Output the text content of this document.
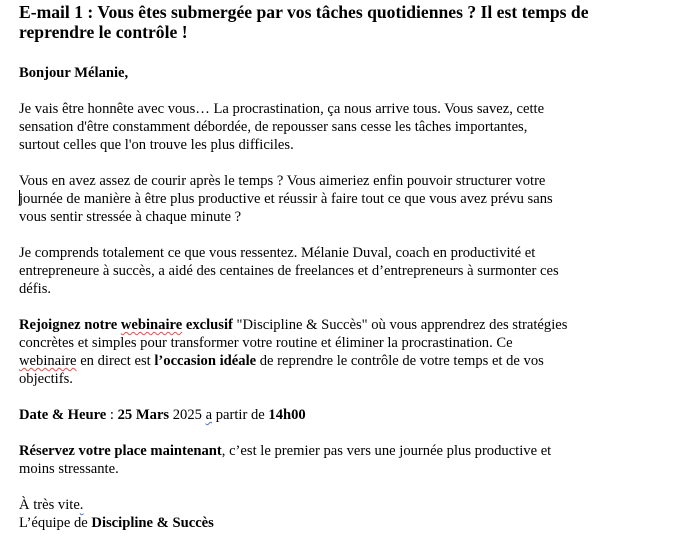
E-mail 1 : Vous êtes submergée par vos tâches quotidiennes ? Il est temps de
reprendre le contrôle !
Bonjour Mélanie,
Je vais être honnête avec vous… La procrastination, ça nous arrive tous. Vous savez, cette
sensation d'être constamment débordée, de repousser sans cesse les tâches importantes,
surtout celles que l'on trouve les plus difficiles.
Vous en avez assez de courir après le temps ? Vous aimeriez enfin pouvoir structurer votre
journée de manière à être plus productive et réussir à faire tout ce que vous avez prévu sans
vous sentir stressée à chaque minute ?
Je comprends totalement ce que vous ressentez. Mélanie Duval, coach en productivité et
entrepreneure à succès, a aidé des centaines de freelances et d’entrepreneurs à surmonter ces
défis.
Rejoignez notre webinaire exclusif "Discipline & Succès" où vous apprendrez des stratégies
concrètes et simples pour transformer votre routine et éliminer la procrastination. Ce
webinaire en direct est l’occasion idéale de reprendre le contrôle de votre temps et de vos
objectifs.
Date & Heure : 25 Mars 2025 a partir de 14h00
Réservez votre place maintenant, c’est le premier pas vers une journée plus productive et
moins stressante.
À très vite.
L’équipe de Discipline & Succès
